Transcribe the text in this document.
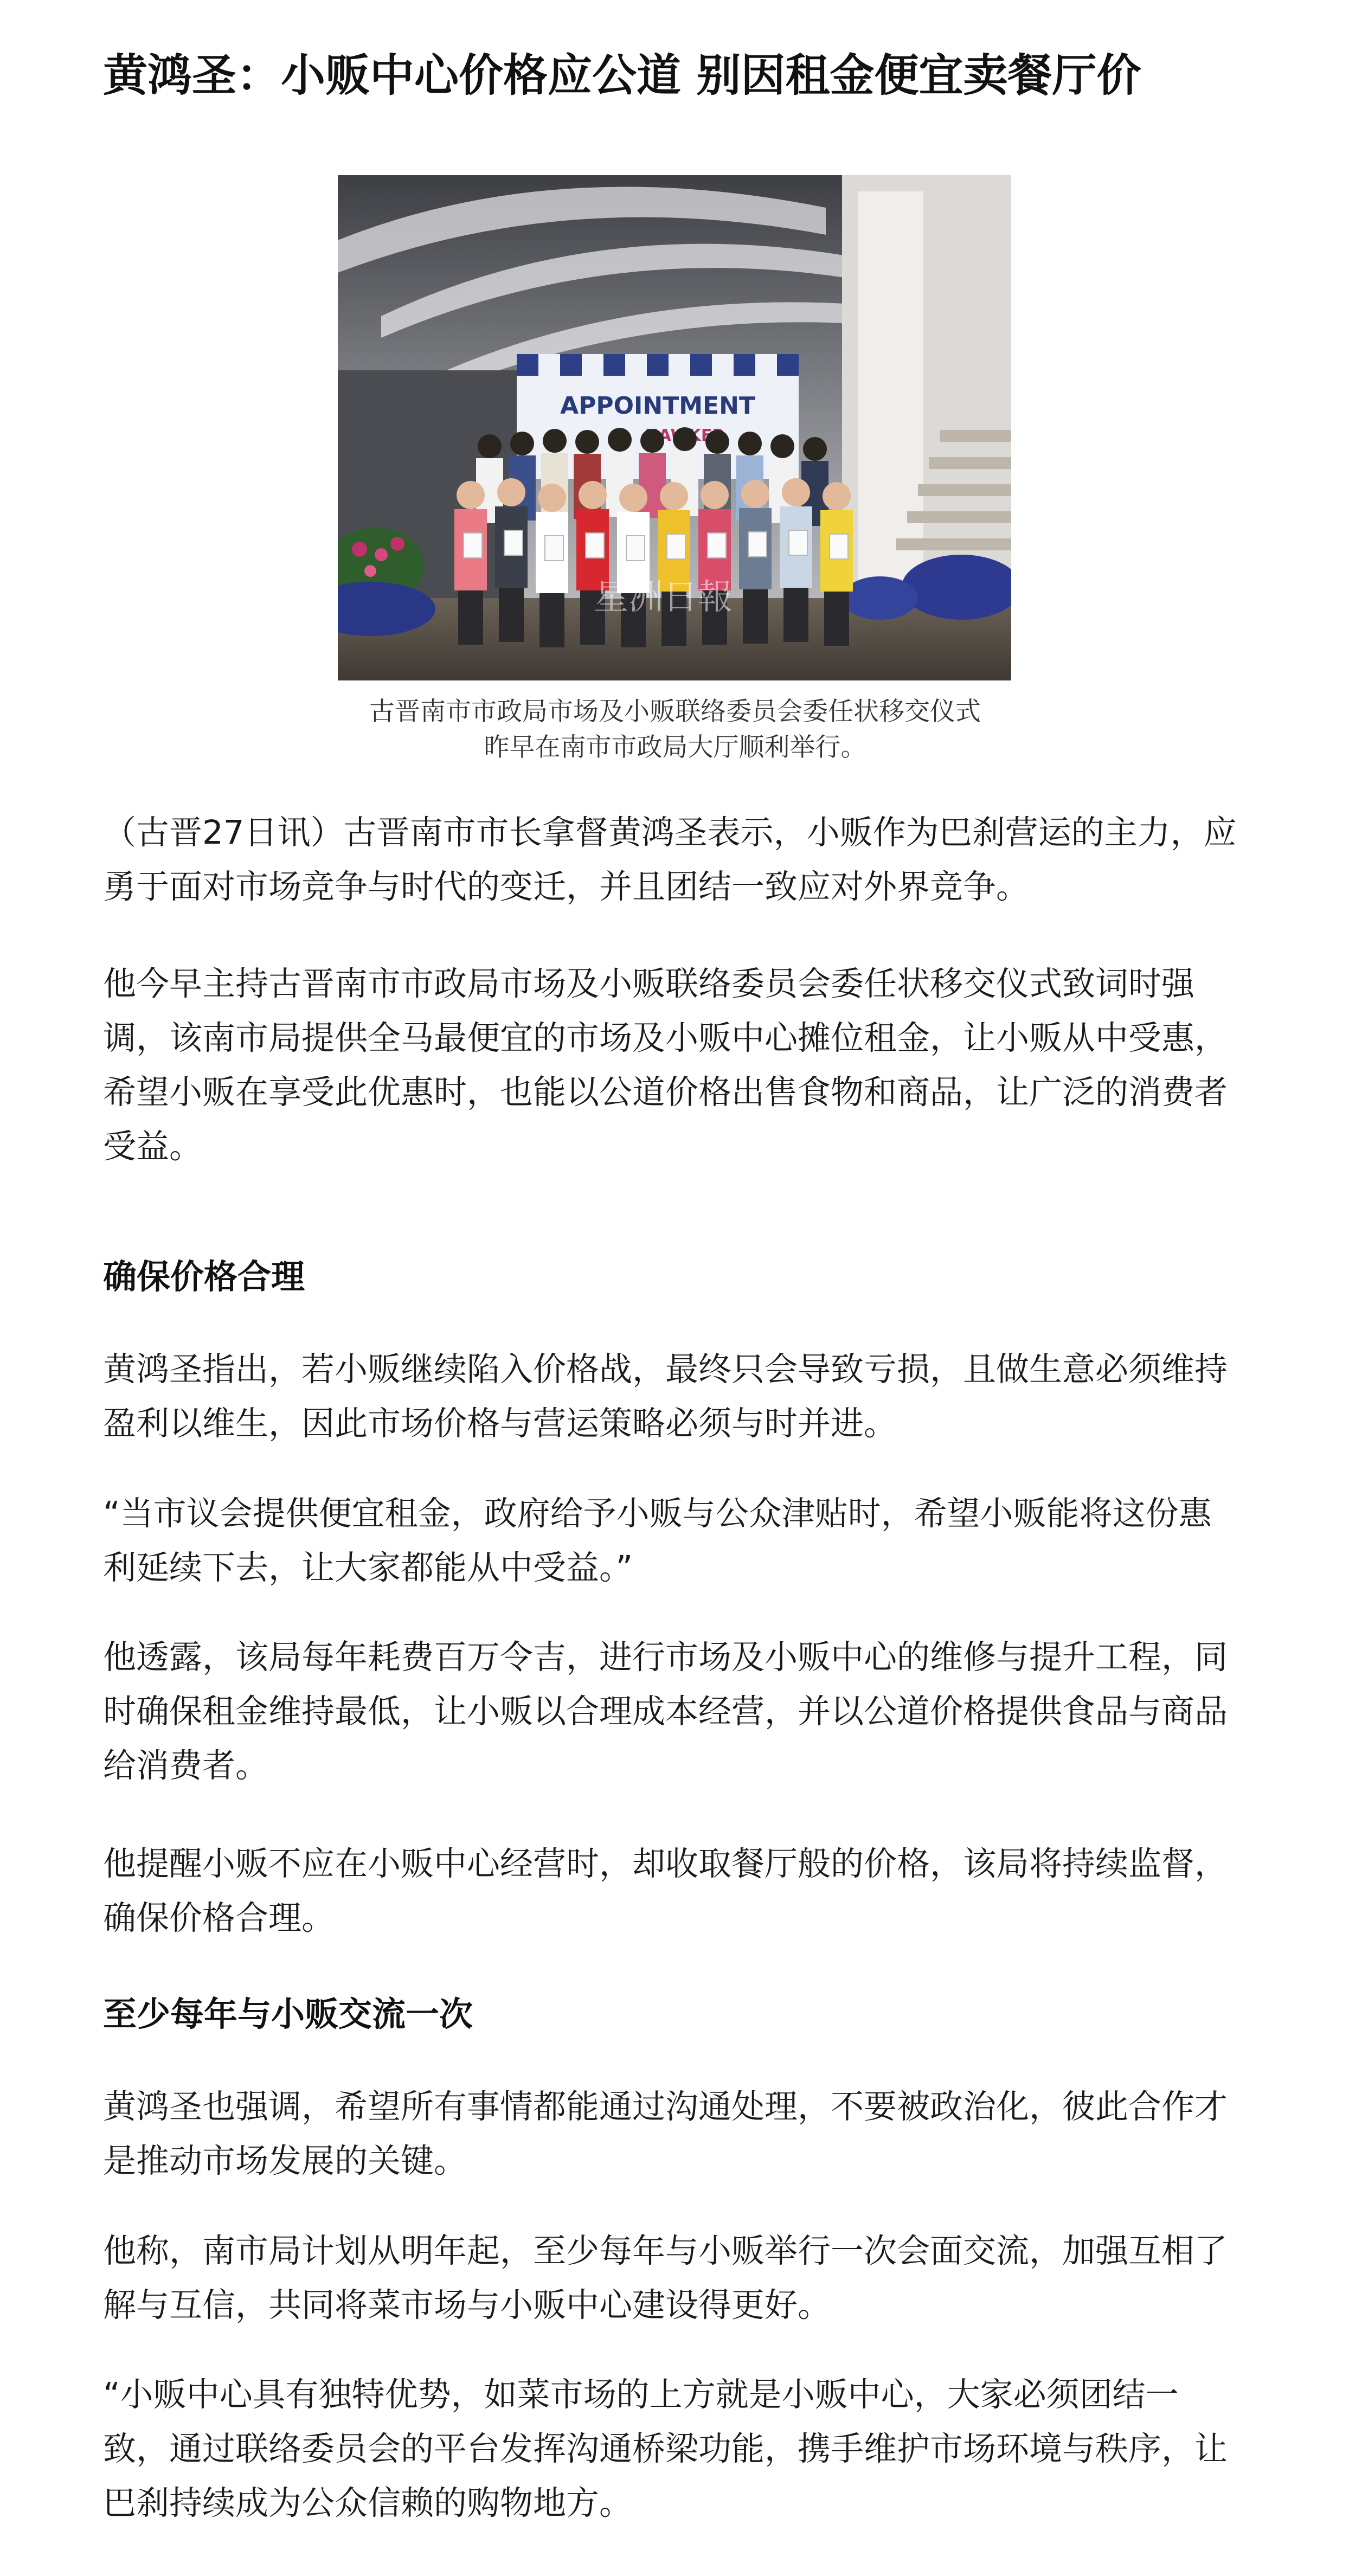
黄鸿圣：小贩中心价格应公道 别因租金便宜卖餐厅价
APPOINTMENT
星洲日報
古晋南市市政局市场及小贩联络委员会委任状移交仪式
昨早在南市市政局大厅顺利举行。

（古晋27日讯）古晋南市市长拿督黄鸿圣表示，小贩作为巴刹营运的主力，应勇于面对市场竞争与时代的变迁，并且团结一致应对外界竞争。

他今早主持古晋南市市政局市场及小贩联络委员会委任状移交仪式致词时强调，该南市局提供全马最便宜的市场及小贩中心摊位租金，让小贩从中受惠，希望小贩在享受此优惠时，也能以公道价格出售食物和商品，让广泛的消费者受益。

确保价格合理

黄鸿圣指出，若小贩继续陷入价格战，最终只会导致亏损，且做生意必须维持盈利以维生，因此市场价格与营运策略必须与时并进。

“当市议会提供便宜租金，政府给予小贩与公众津贴时，希望小贩能将这份惠利延续下去，让大家都能从中受益。”

他透露，该局每年耗费百万令吉，进行市场及小贩中心的维修与提升工程，同时确保租金维持最低，让小贩以合理成本经营，并以公道价格提供食品与商品给消费者。

他提醒小贩不应在小贩中心经营时，却收取餐厅般的价格，该局将持续监督，确保价格合理。

至少每年与小贩交流一次

黄鸿圣也强调，希望所有事情都能通过沟通处理，不要被政治化，彼此合作才是推动市场发展的关键。

他称，南市局计划从明年起，至少每年与小贩举行一次会面交流，加强互相了解与互信，共同将菜市场与小贩中心建设得更好。

“小贩中心具有独特优势，如菜市场的上方就是小贩中心，大家必须团结一致，通过联络委员会的平台发挥沟通桥梁功能，携手维护市场环境与秩序，让巴刹持续成为公众信赖的购物地方。
